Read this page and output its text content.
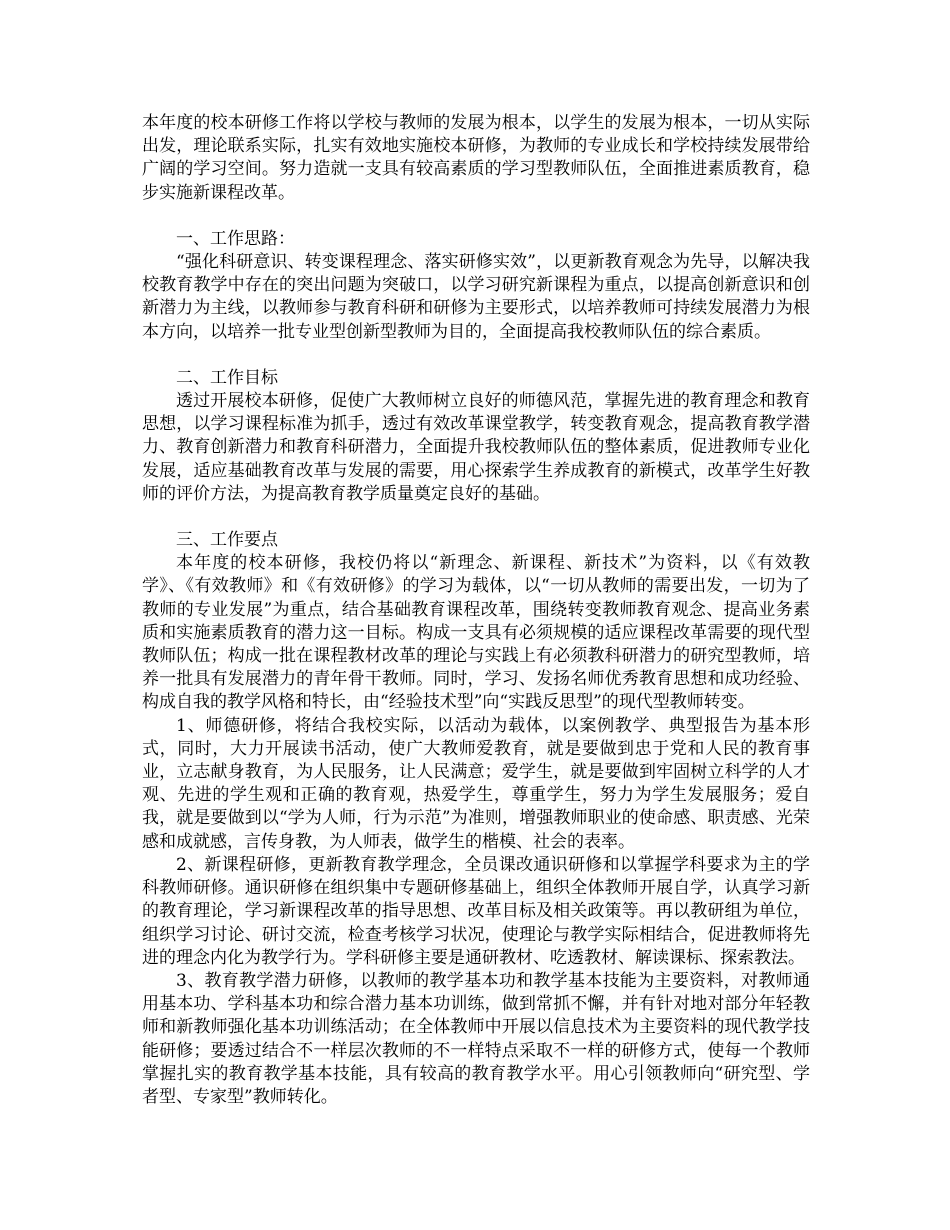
本年度的校本研修工作将以学校与教师的发展为根本，以学生的发展为根本，一切从实际出发，理论联系实际，扎实有效地实施校本研修，为教师的专业成长和学校持续发展带给广阔的学习空间。努力造就一支具有较高素质的学习型教师队伍，全面推进素质教育，稳步实施新课程改革。

一、工作思路：

“强化科研意识、转变课程理念、落实研修实效”，以更新教育观念为先导，以解决我校教育教学中存在的突出问题为突破口，以学习研究新课程为重点，以提高创新意识和创新潜力为主线，以教师参与教育科研和研修为主要形式，以培养教师可持续发展潜力为根本方向，以培养一批专业型创新型教师为目的，全面提高我校教师队伍的综合素质。

二、工作目标

透过开展校本研修，促使广大教师树立良好的师德风范，掌握先进的教育理念和教育思想，以学习课程标准为抓手，透过有效改革课堂教学，转变教育观念，提高教育教学潜力、教育创新潜力和教育科研潜力，全面提升我校教师队伍的整体素质，促进教师专业化发展，适应基础教育改革与发展的需要，用心探索学生养成教育的新模式，改革学生好教师的评价方法，为提高教育教学质量奠定良好的基础。

三、工作要点

本年度的校本研修，我校仍将以“新理念、新课程、新技术”为资料，以《有效教学》、《有效教师》和《有效研修》的学习为载体，以“一切从教师的需要出发，一切为了教师的专业发展”为重点，结合基础教育课程改革，围绕转变教师教育观念、提高业务素质和实施素质教育的潜力这一目标。构成一支具有必须规模的适应课程改革需要的现代型教师队伍；构成一批在课程教材改革的理论与实践上有必须教科研潜力的研究型教师，培养一批具有发展潜力的青年骨干教师。同时，学习、发扬名师优秀教育思想和成功经验、构成自我的教学风格和特长，由“经验技术型”向“实践反思型”的现代型教师转变。

1、师德研修，将结合我校实际，以活动为载体，以案例教学、典型报告为基本形式，同时，大力开展读书活动，使广大教师爱教育，就是要做到忠于党和人民的教育事业，立志献身教育，为人民服务，让人民满意；爱学生，就是要做到牢固树立科学的人才观、先进的学生观和正确的教育观，热爱学生，尊重学生，努力为学生发展服务；爱自我，就是要做到以“学为人师，行为示范”为准则，增强教师职业的使命感、职责感、光荣感和成就感，言传身教，为人师表，做学生的楷模、社会的表率。

2、新课程研修，更新教育教学理念，全员课改通识研修和以掌握学科要求为主的学科教师研修。通识研修在组织集中专题研修基础上，组织全体教师开展自学，认真学习新的教育理论，学习新课程改革的指导思想、改革目标及相关政策等。再以教研组为单位，组织学习讨论、研讨交流，检查考核学习状况，使理论与教学实际相结合，促进教师将先进的理念内化为教学行为。学科研修主要是通研教材、吃透教材、解读课标、探索教法。

3、教育教学潜力研修，以教师的教学基本功和教学基本技能为主要资料，对教师通用基本功、学科基本功和综合潜力基本功训练，做到常抓不懈，并有针对地对部分年轻教师和新教师强化基本功训练活动；在全体教师中开展以信息技术为主要资料的现代教学技能研修；要透过结合不一样层次教师的不一样特点采取不一样的研修方式，使每一个教师掌握扎实的教育教学基本技能，具有较高的教育教学水平。用心引领教师向“研究型、学者型、专家型”教师转化。
